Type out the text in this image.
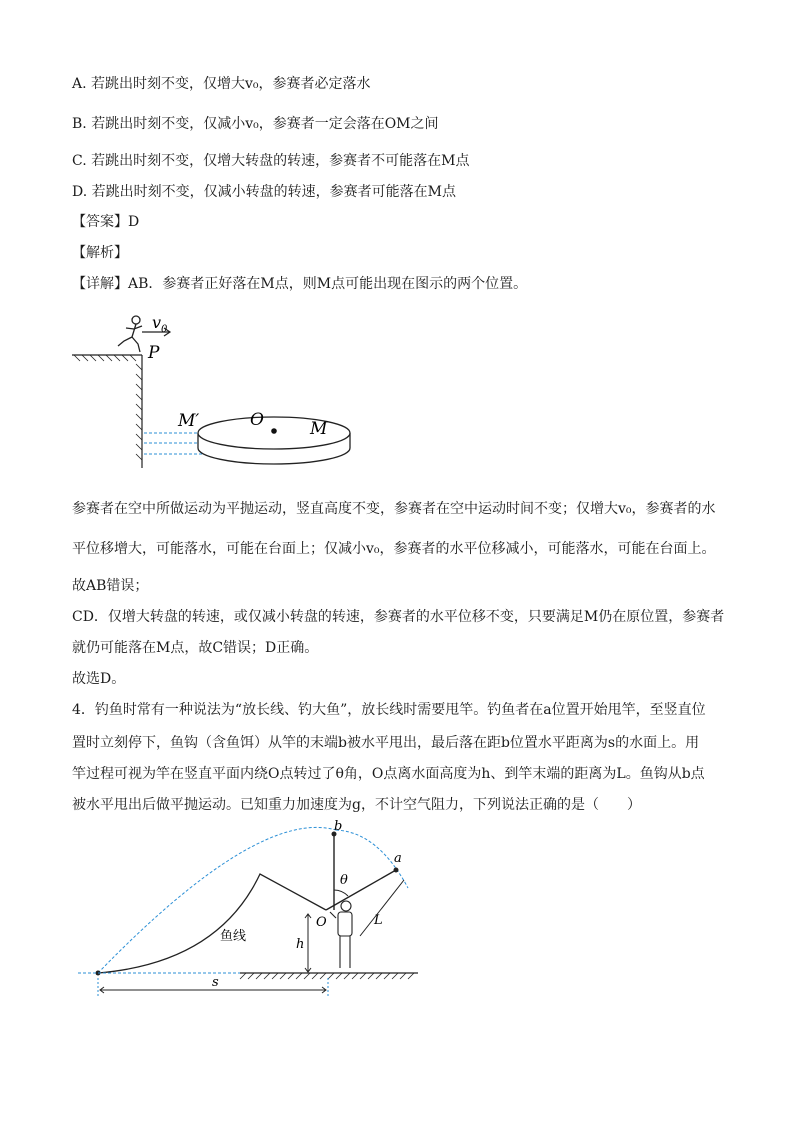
A. 若跳出时刻不变，仅增大v₀，参赛者必定落水
B. 若跳出时刻不变，仅减小v₀，参赛者一定会落在OM之间
C. 若跳出时刻不变，仅增大转盘的转速，参赛者不可能落在M点
D. 若跳出时刻不变，仅减小转盘的转速，参赛者可能落在M点
【答案】D
【解析】
【详解】AB．参赛者正好落在M点，则M点可能出现在图示的两个位置。
$v_0$
P
O
M′	M
参赛者在空中所做运动为平抛运动，竖直高度不变，参赛者在空中运动时间不变；仅增大v₀，参赛者的水
平位移增大，可能落水，可能在台面上；仅减小v₀，参赛者的水平位移减小，可能落水，可能在台面上。
故AB错误；
CD．仅增大转盘的转速，或仅减小转盘的转速，参赛者的水平位移不变，只要满足M仍在原位置，参赛者
就仍可能落在M点，故C错误；D正确。
故选D。
4．钓鱼时常有一种说法为“放长线、钓大鱼”，放长线时需要甩竿。钓鱼者在a位置开始甩竿，至竖直位
置时立刻停下，鱼钩（含鱼饵）从竿的末端b被水平甩出，最后落在距b位置水平距离为s的水面上。用
竿过程可视为竿在竖直平面内绕O点转过了θ角，O点离水面高度为h、到竿末端的距离为L。鱼钩从b点
被水平甩出后做平抛运动。已知重力加速度为g，不计空气阻力，下列说法正确的是（　　）
b
a
θ
鱼线
L
h
O
s
